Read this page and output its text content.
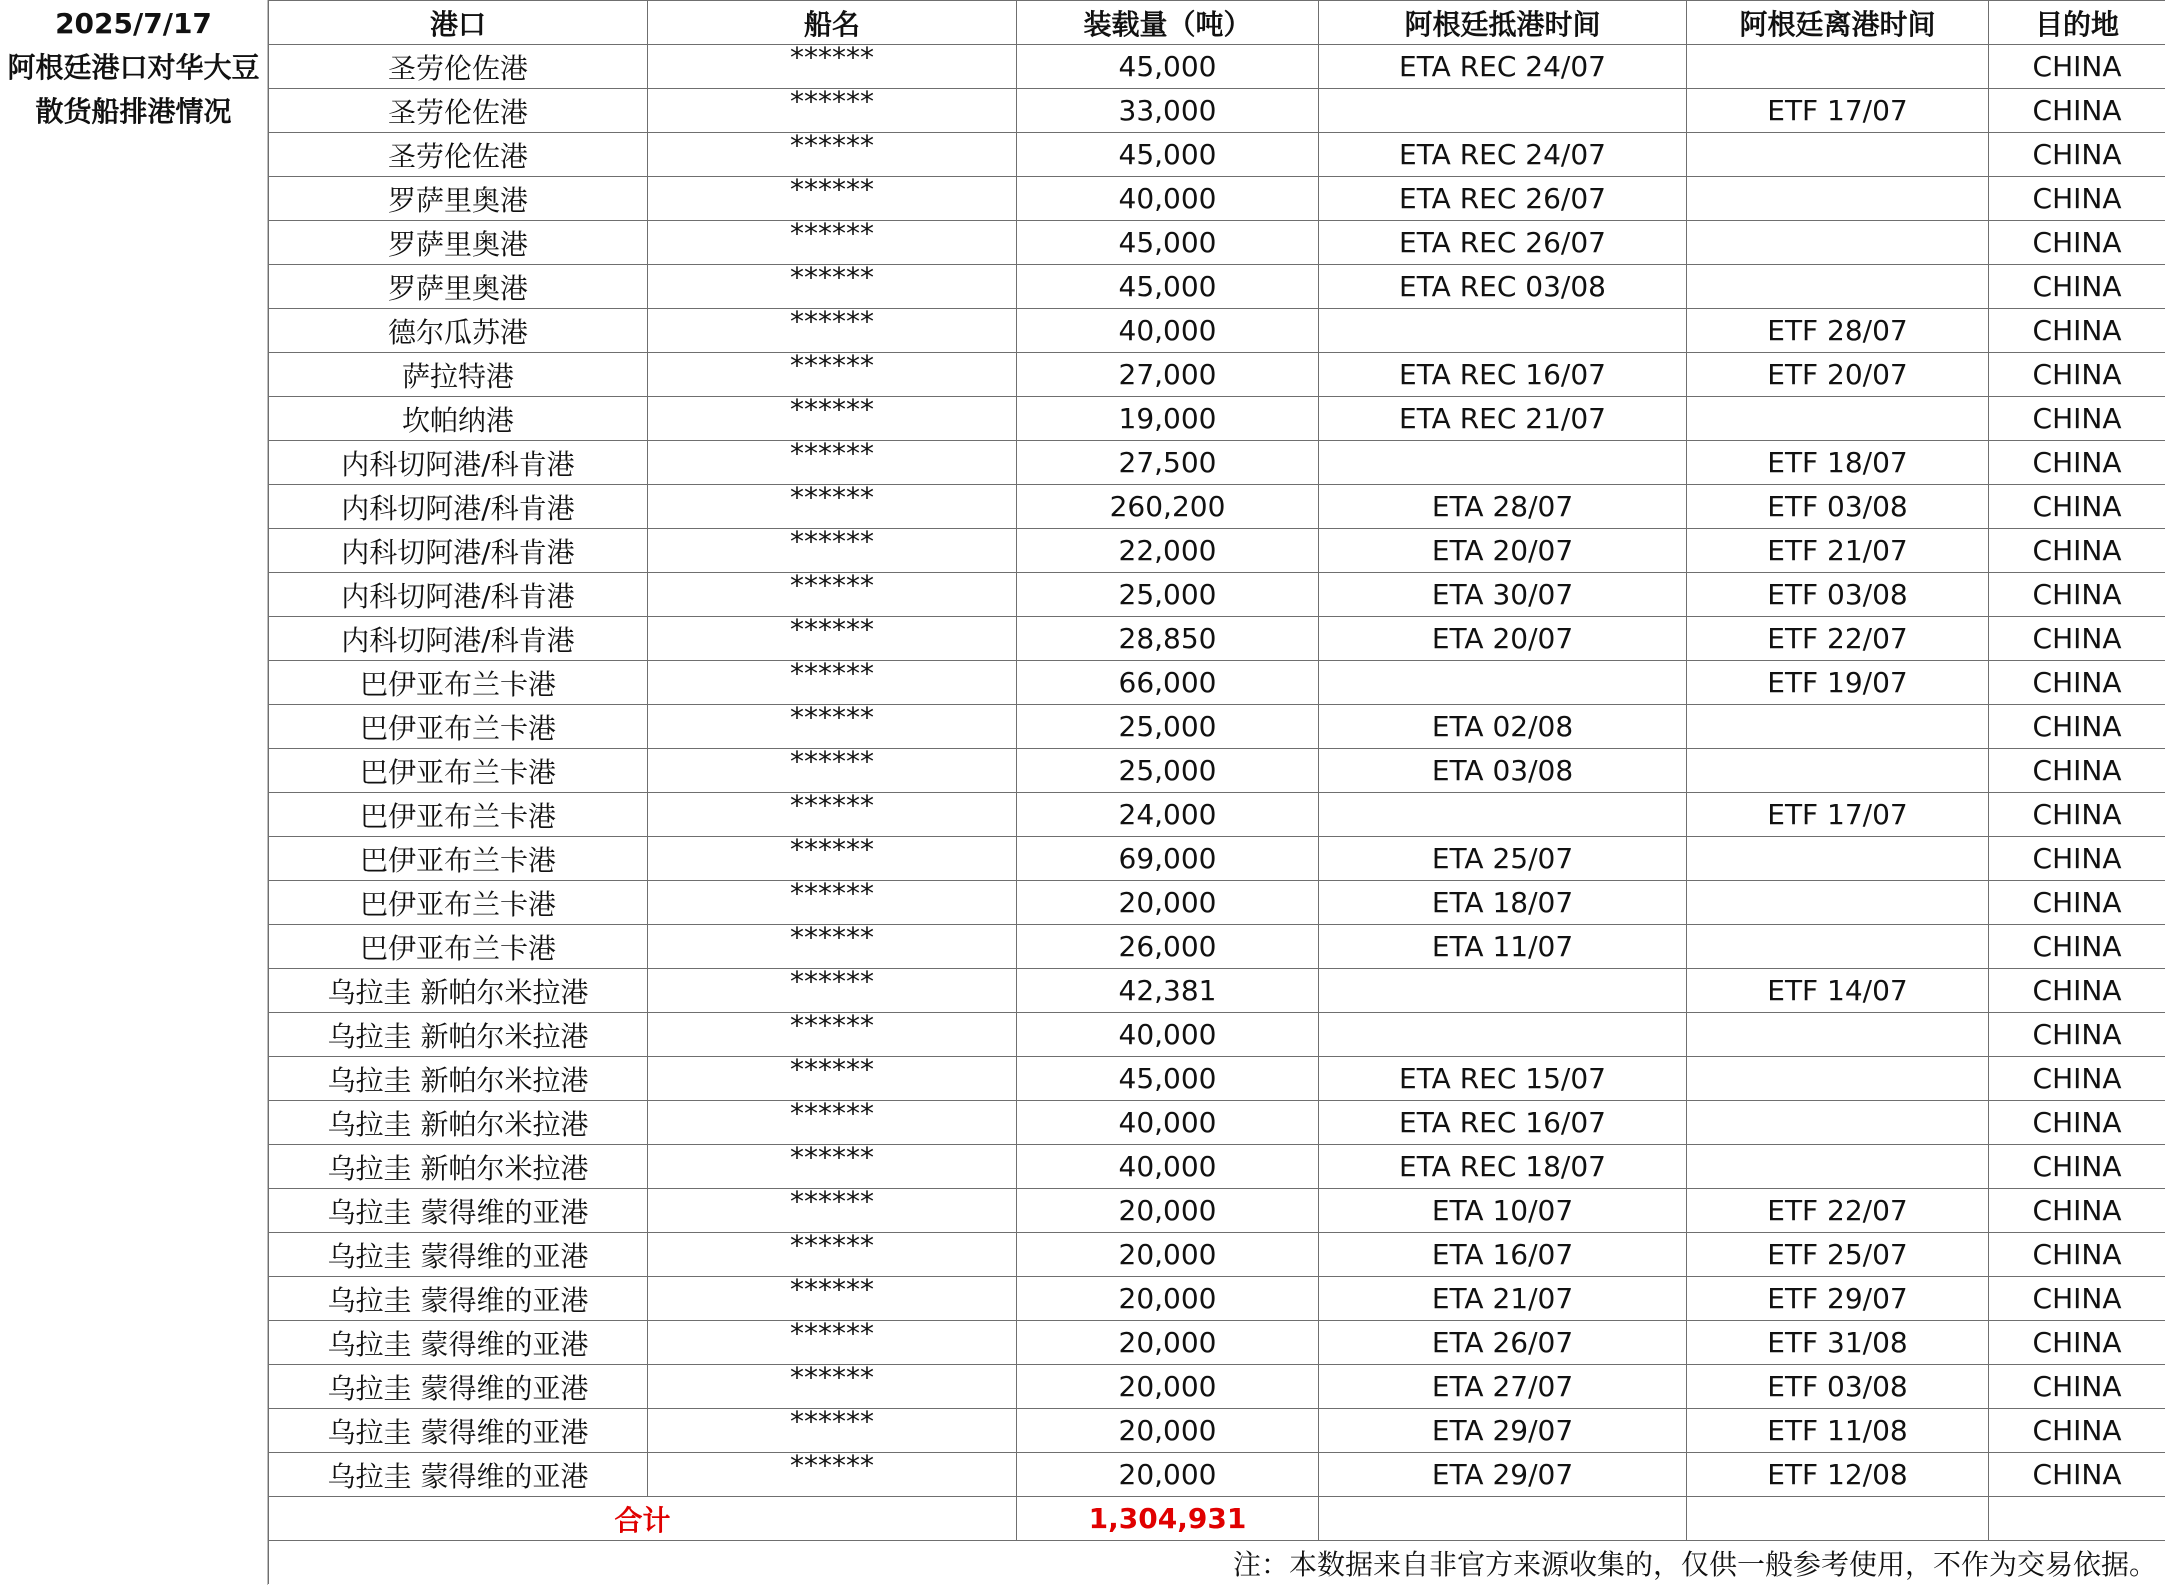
2025/7/17
阿根廷港口对华大豆散货船排港情况
港口	船名	装载量（吨）	阿根廷抵港时间	阿根廷离港时间	目的地
圣劳伦佐港	******	45,000	ETA REC 24/07		CHINA
圣劳伦佐港	******	33,000		ETF 17/07	CHINA
圣劳伦佐港	******	45,000	ETA REC 24/07		CHINA
罗萨里奥港	******	40,000	ETA REC 26/07		CHINA
罗萨里奥港	******	45,000	ETA REC 26/07		CHINA
罗萨里奥港	******	45,000	ETA REC 03/08		CHINA
德尔瓜苏港	******	40,000		ETF 28/07	CHINA
萨拉特港	******	27,000	ETA REC 16/07	ETF 20/07	CHINA
坎帕纳港	******	19,000	ETA REC 21/07		CHINA
内科切阿港/科肯港	******	27,500		ETF 18/07	CHINA
内科切阿港/科肯港	******	260,200	ETA 28/07	ETF 03/08	CHINA
内科切阿港/科肯港	******	22,000	ETA 20/07	ETF 21/07	CHINA
内科切阿港/科肯港	******	25,000	ETA 30/07	ETF 03/08	CHINA
内科切阿港/科肯港	******	28,850	ETA 20/07	ETF 22/07	CHINA
巴伊亚布兰卡港	******	66,000		ETF 19/07	CHINA
巴伊亚布兰卡港	******	25,000	ETA 02/08		CHINA
巴伊亚布兰卡港	******	25,000	ETA 03/08		CHINA
巴伊亚布兰卡港	******	24,000		ETF 17/07	CHINA
巴伊亚布兰卡港	******	69,000	ETA 25/07		CHINA
巴伊亚布兰卡港	******	20,000	ETA 18/07		CHINA
巴伊亚布兰卡港	******	26,000	ETA 11/07		CHINA
乌拉圭 新帕尔米拉港	******	42,381		ETF 14/07	CHINA
乌拉圭 新帕尔米拉港	******	40,000			CHINA
乌拉圭 新帕尔米拉港	******	45,000	ETA REC 15/07		CHINA
乌拉圭 新帕尔米拉港	******	40,000	ETA REC 16/07		CHINA
乌拉圭 新帕尔米拉港	******	40,000	ETA REC 18/07		CHINA
乌拉圭 蒙得维的亚港	******	20,000	ETA 10/07	ETF 22/07	CHINA
乌拉圭 蒙得维的亚港	******	20,000	ETA 16/07	ETF 25/07	CHINA
乌拉圭 蒙得维的亚港	******	20,000	ETA 21/07	ETF 29/07	CHINA
乌拉圭 蒙得维的亚港	******	20,000	ETA 26/07	ETF 31/08	CHINA
乌拉圭 蒙得维的亚港	******	20,000	ETA 27/07	ETF 03/08	CHINA
乌拉圭 蒙得维的亚港	******	20,000	ETA 29/07	ETF 11/08	CHINA
乌拉圭 蒙得维的亚港	******	20,000	ETA 29/07	ETF 12/08	CHINA
合计		1,304,931			
注：本数据来自非官方来源收集的，仅供一般参考使用，不作为交易依据。					
